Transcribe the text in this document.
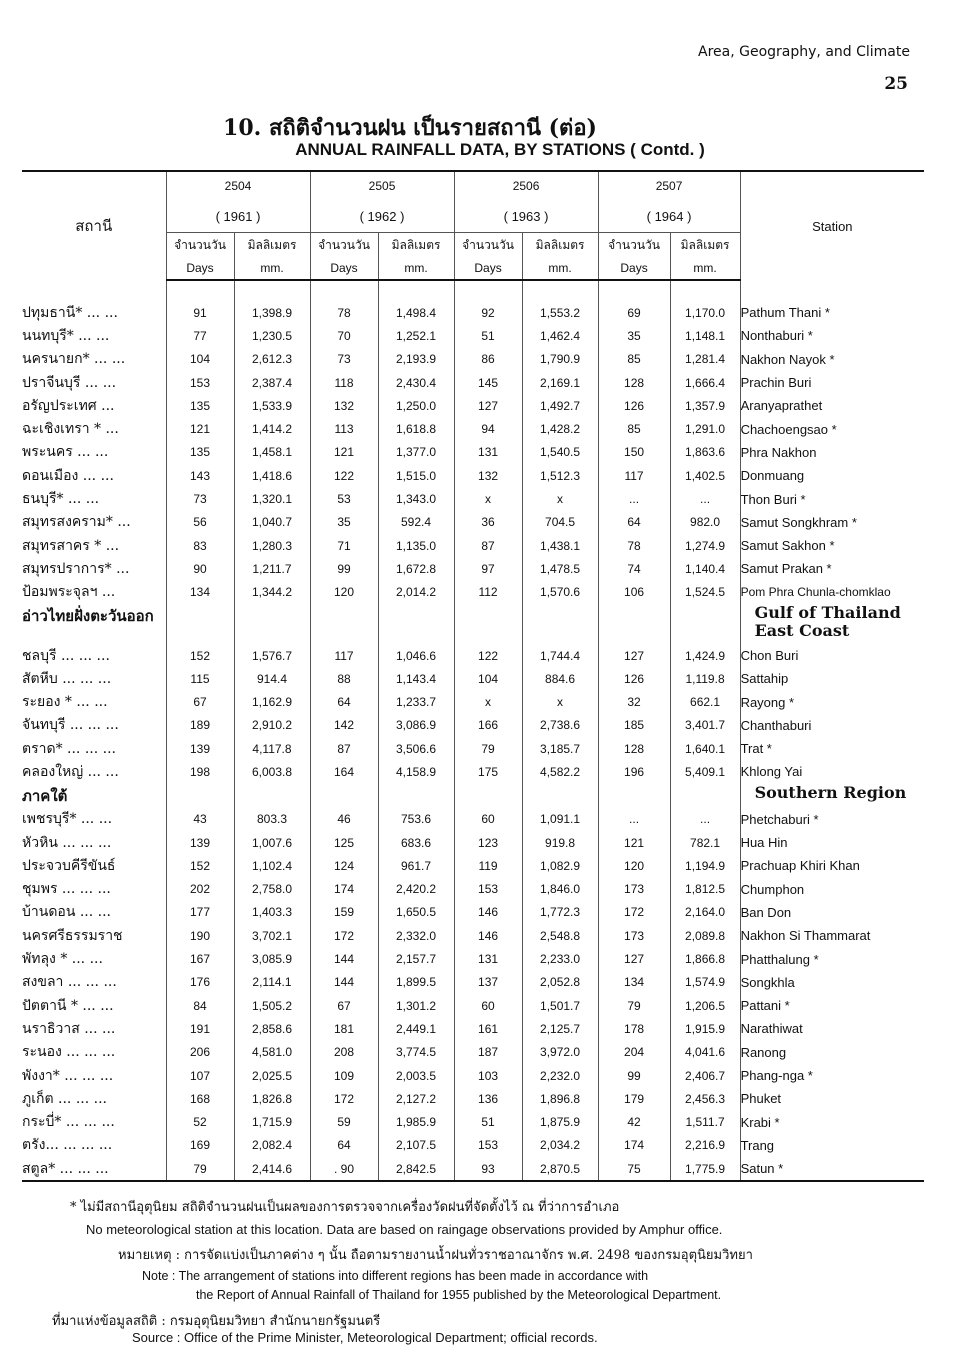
Area, Geography, and Climate
25
10. สถิติจำนวนฝน เป็นรายสถานี (ต่อ)
ANNUAL RAINFALL DATA, BY STATIONS ( Contd. )
สถานี	2504		2505		2506		2507		Station
	( 1961 )		( 1962 )		( 1963 )		( 1964 )		
	จำนวนวัน	มิลลิเมตร	จำนวนวัน	มิลลิเมตร	จำนวนวัน	มิลลิเมตร	จำนวนวัน	มิลลิเมตร	
	Days	mm.	Days	mm.	Days	mm.	Days	mm.	

ปทุมธานี* ... ...	91	1,398.9	78	1,498.4	92	1,553.2	69	1,170.0	Pathum Thani *
นนทบุรี* ... ...	77	1,230.5	70	1,252.1	51	1,462.4	35	1,148.1	Nonthaburi *
นครนายก* ... ...	104	2,612.3	73	2,193.9	86	1,790.9	85	1,281.4	Nakhon Nayok *
ปราจีนบุรี ... ...	153	2,387.4	118	2,430.4	145	2,169.1	128	1,666.4	Prachin Buri
อรัญประเทศ ...	135	1,533.9	132	1,250.0	127	1,492.7	126	1,357.9	Aranyaprathet
ฉะเชิงเทรา * ...	121	1,414.2	113	1,618.8	94	1,428.2	85	1,291.0	Chachoengsao *
พระนคร ... ...	135	1,458.1	121	1,377.0	131	1,540.5	150	1,863.6	Phra Nakhon
ดอนเมือง ... ...	143	1,418.6	122	1,515.0	132	1,512.3	117	1,402.5	Donmuang
ธนบุรี* ... ...	73	1,320.1	53	1,343.0	x	x	...	...	Thon Buri *
สมุทรสงคราม* ...	56	1,040.7	35	592.4	36	704.5	64	982.0	Samut Songkhram *
สมุทรสาคร * ...	83	1,280.3	71	1,135.0	87	1,438.1	78	1,274.9	Samut Sakhon *
สมุทรปราการ* ...	90	1,211.7	99	1,672.8	97	1,478.5	74	1,140.4	Samut Prakan *
ป้อมพระจุลฯ ...	134	1,344.2	120	2,014.2	112	1,570.6	106	1,524.5	Pom Phra Chunla-chomklao
อ่าวไทยฝั่งตะวันออก									Gulf of Thailand East Coast
ชลบุรี ... ... ...	152	1,576.7	117	1,046.6	122	1,744.4	127	1,424.9	Chon Buri
สัตหีบ ... ... ...	115	914.4	88	1,143.4	104	884.6	126	1,119.8	Sattahip
ระยอง * ... ...	67	1,162.9	64	1,233.7	x	x	32	662.1	Rayong *
จันทบุรี ... ... ...	189	2,910.2	142	3,086.9	166	2,738.6	185	3,401.7	Chanthaburi
ตราด* ... ... ...	139	4,117.8	87	3,506.6	79	3,185.7	128	1,640.1	Trat *
คลองใหญ่ ... ...	198	6,003.8	164	4,158.9	175	4,582.2	196	5,409.1	Khlong Yai
ภาคใต้									Southern Region
เพชรบุรี* ... ...	43	803.3	46	753.6	60	1,091.1	...	...	Phetchaburi *
หัวหิน ... ... ...	139	1,007.6	125	683.6	123	919.8	121	782.1	Hua Hin
ประจวบคีรีขันธ์	152	1,102.4	124	961.7	119	1,082.9	120	1,194.9	Prachuap Khiri Khan
ชุมพร ... ... ...	202	2,758.0	174	2,420.2	153	1,846.0	173	1,812.5	Chumphon
บ้านดอน ... ...	177	1,403.3	159	1,650.5	146	1,772.3	172	2,164.0	Ban Don
นครศรีธรรมราช	190	3,702.1	172	2,332.0	146	2,548.8	173	2,089.8	Nakhon Si Thammarat
พัทลุง * ... ...	167	3,085.9	144	2,157.7	131	2,233.0	127	1,866.8	Phatthalung *
สงขลา ... ... ...	176	2,114.1	144	1,899.5	137	2,052.8	134	1,574.9	Songkhla
ปัตตานี * ... ...	84	1,505.2	67	1,301.2	60	1,501.7	79	1,206.5	Pattani *
นราธิวาส ... ...	191	2,858.6	181	2,449.1	161	2,125.7	178	1,915.9	Narathiwat
ระนอง ... ... ...	206	4,581.0	208	3,774.5	187	3,972.0	204	4,041.6	Ranong
พังงา* ... ... ...	107	2,025.5	109	2,003.5	103	2,232.0	99	2,406.7	Phang-nga *
ภูเก็ต ... ... ...	168	1,826.8	172	2,127.2	136	1,896.8	179	2,456.3	Phuket
กระบี่* ... ... ...	52	1,715.9	59	1,985.9	51	1,875.9	42	1,511.7	Krabi *
ตรัง... ... ... ...	169	2,082.4	64	2,107.5	153	2,034.2	174	2,216.9	Trang
สตูล* ... ... ...	79	2,414.6	. 90	2,842.5	93	2,870.5	75	1,775.9	Satun *
* ไม่มีสถานีอุตุนิยม สถิติจำนวนฝนเป็นผลของการตรวจจากเครื่องวัดฝนที่จัดตั้งไว้ ณ ที่ว่าการอำเภอ
No meteorological station at this location. Data are based on raingage observations provided by Amphur office.
หมายเหตุ : การจัดแบ่งเป็นภาคต่าง ๆ นั้น ถือตามรายงานน้ำฝนทั่วราชอาณาจักร พ.ศ. 2498 ของกรมอุตุนิยมวิทยา
Note : The arrangement of stations into different regions has been made in accordance with
the Report of Annual Rainfall of Thailand for 1955 published by the Meteorological Department.
ที่มาแห่งข้อมูลสถิติ : กรมอุตุนิยมวิทยา สำนักนายกรัฐมนตรี
Source : Office of the Prime Minister, Meteorological Department; official records.
